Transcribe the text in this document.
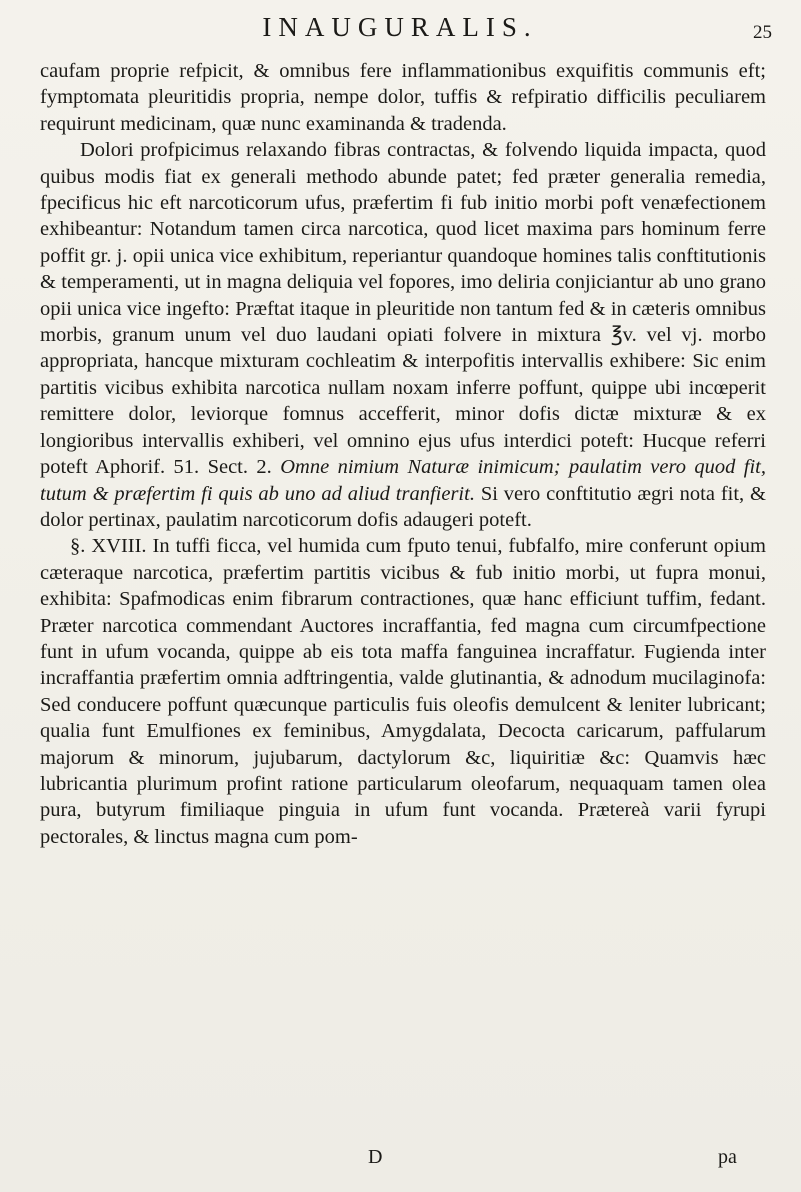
INAUGURALIS.	25

caufam proprie refpicit, & omnibus fere inflammationibus exquifitis communis eft; fymptomata pleuritidis propria, nempe dolor, tuffis & refpiratio difficilis peculiarem requirunt medicinam, quæ nunc examinanda & tradenda.

Dolori profpicimus relaxando fibras contractas, & folvendo liquida impacta, quod quibus modis fiat ex generali methodo abunde patet; fed præter generalia remedia, fpecificus hic eft narcoticorum ufus, præfertim fi fub initio morbi poft venæfectionem exhibeantur: Notandum tamen circa narcotica, quod licet maxima pars hominum ferre poffit gr. j. opii unica vice exhibitum, reperiantur quandoque homines talis conftitutionis & temperamenti, ut in magna deliquia vel fopores, imo deliria conjiciantur ab uno grano opii unica vice ingefto: Præftat itaque in pleuritide non tantum fed & in cæteris omnibus morbis, granum unum vel duo laudani opiati folvere in mixtura ℥v. vel vj. morbo appropriata, hancque mixturam cochleatim & interpofitis intervallis exhibere: Sic enim partitis vicibus exhibita narcotica nullam noxam inferre poffunt, quippe ubi incœperit remittere dolor, leviorque fomnus accefferit, minor dofis dictæ mixturæ & ex longioribus intervallis exhiberi, vel omnino ejus ufus interdici poteft: Hucque referri poteft Aphorif. 51. Sect. 2. Omne nimium Naturæ inimicum; paulatim vero quod fit, tutum & præfertim fi quis ab uno ad aliud tranfierit. Si vero conftitutio ægri nota fit, & dolor pertinax, paulatim narcoticorum dofis adaugeri poteft.

§. XVIII. In tuffi ficca, vel humida cum fputo tenui, fubfalfo, mire conferunt opium cæteraque narcotica, præfertim partitis vicibus & fub initio morbi, ut fupra monui, exhibita: Spafmodicas enim fibrarum contractiones, quæ hanc efficiunt tuffim, fedant. Præter narcotica commendant Auctores incraffantia, fed magna cum circumfpectione funt in ufum vocanda, quippe ab eis tota maffa fanguinea incraffatur. Fugienda inter incraffantia præfertim omnia adftringentia, valde glutinantia, & adnodum mucilaginofa: Sed conducere poffunt quæcunque particulis fuis oleofis demulcent & leniter lubricant; qualia funt Emulfiones ex feminibus, Amygdalata, Decocta caricarum, paffularum majorum & minorum, jujubarum, dactylorum &c, liquiritiæ &c: Quamvis hæc lubricantia plurimum profint ratione particularum oleofarum, nequaquam tamen olea pura, butyrum fimiliaque pinguia in ufum funt vocanda. Prætereà varii fyrupi pectorales, & linctus magna cum pom-

D	pa
